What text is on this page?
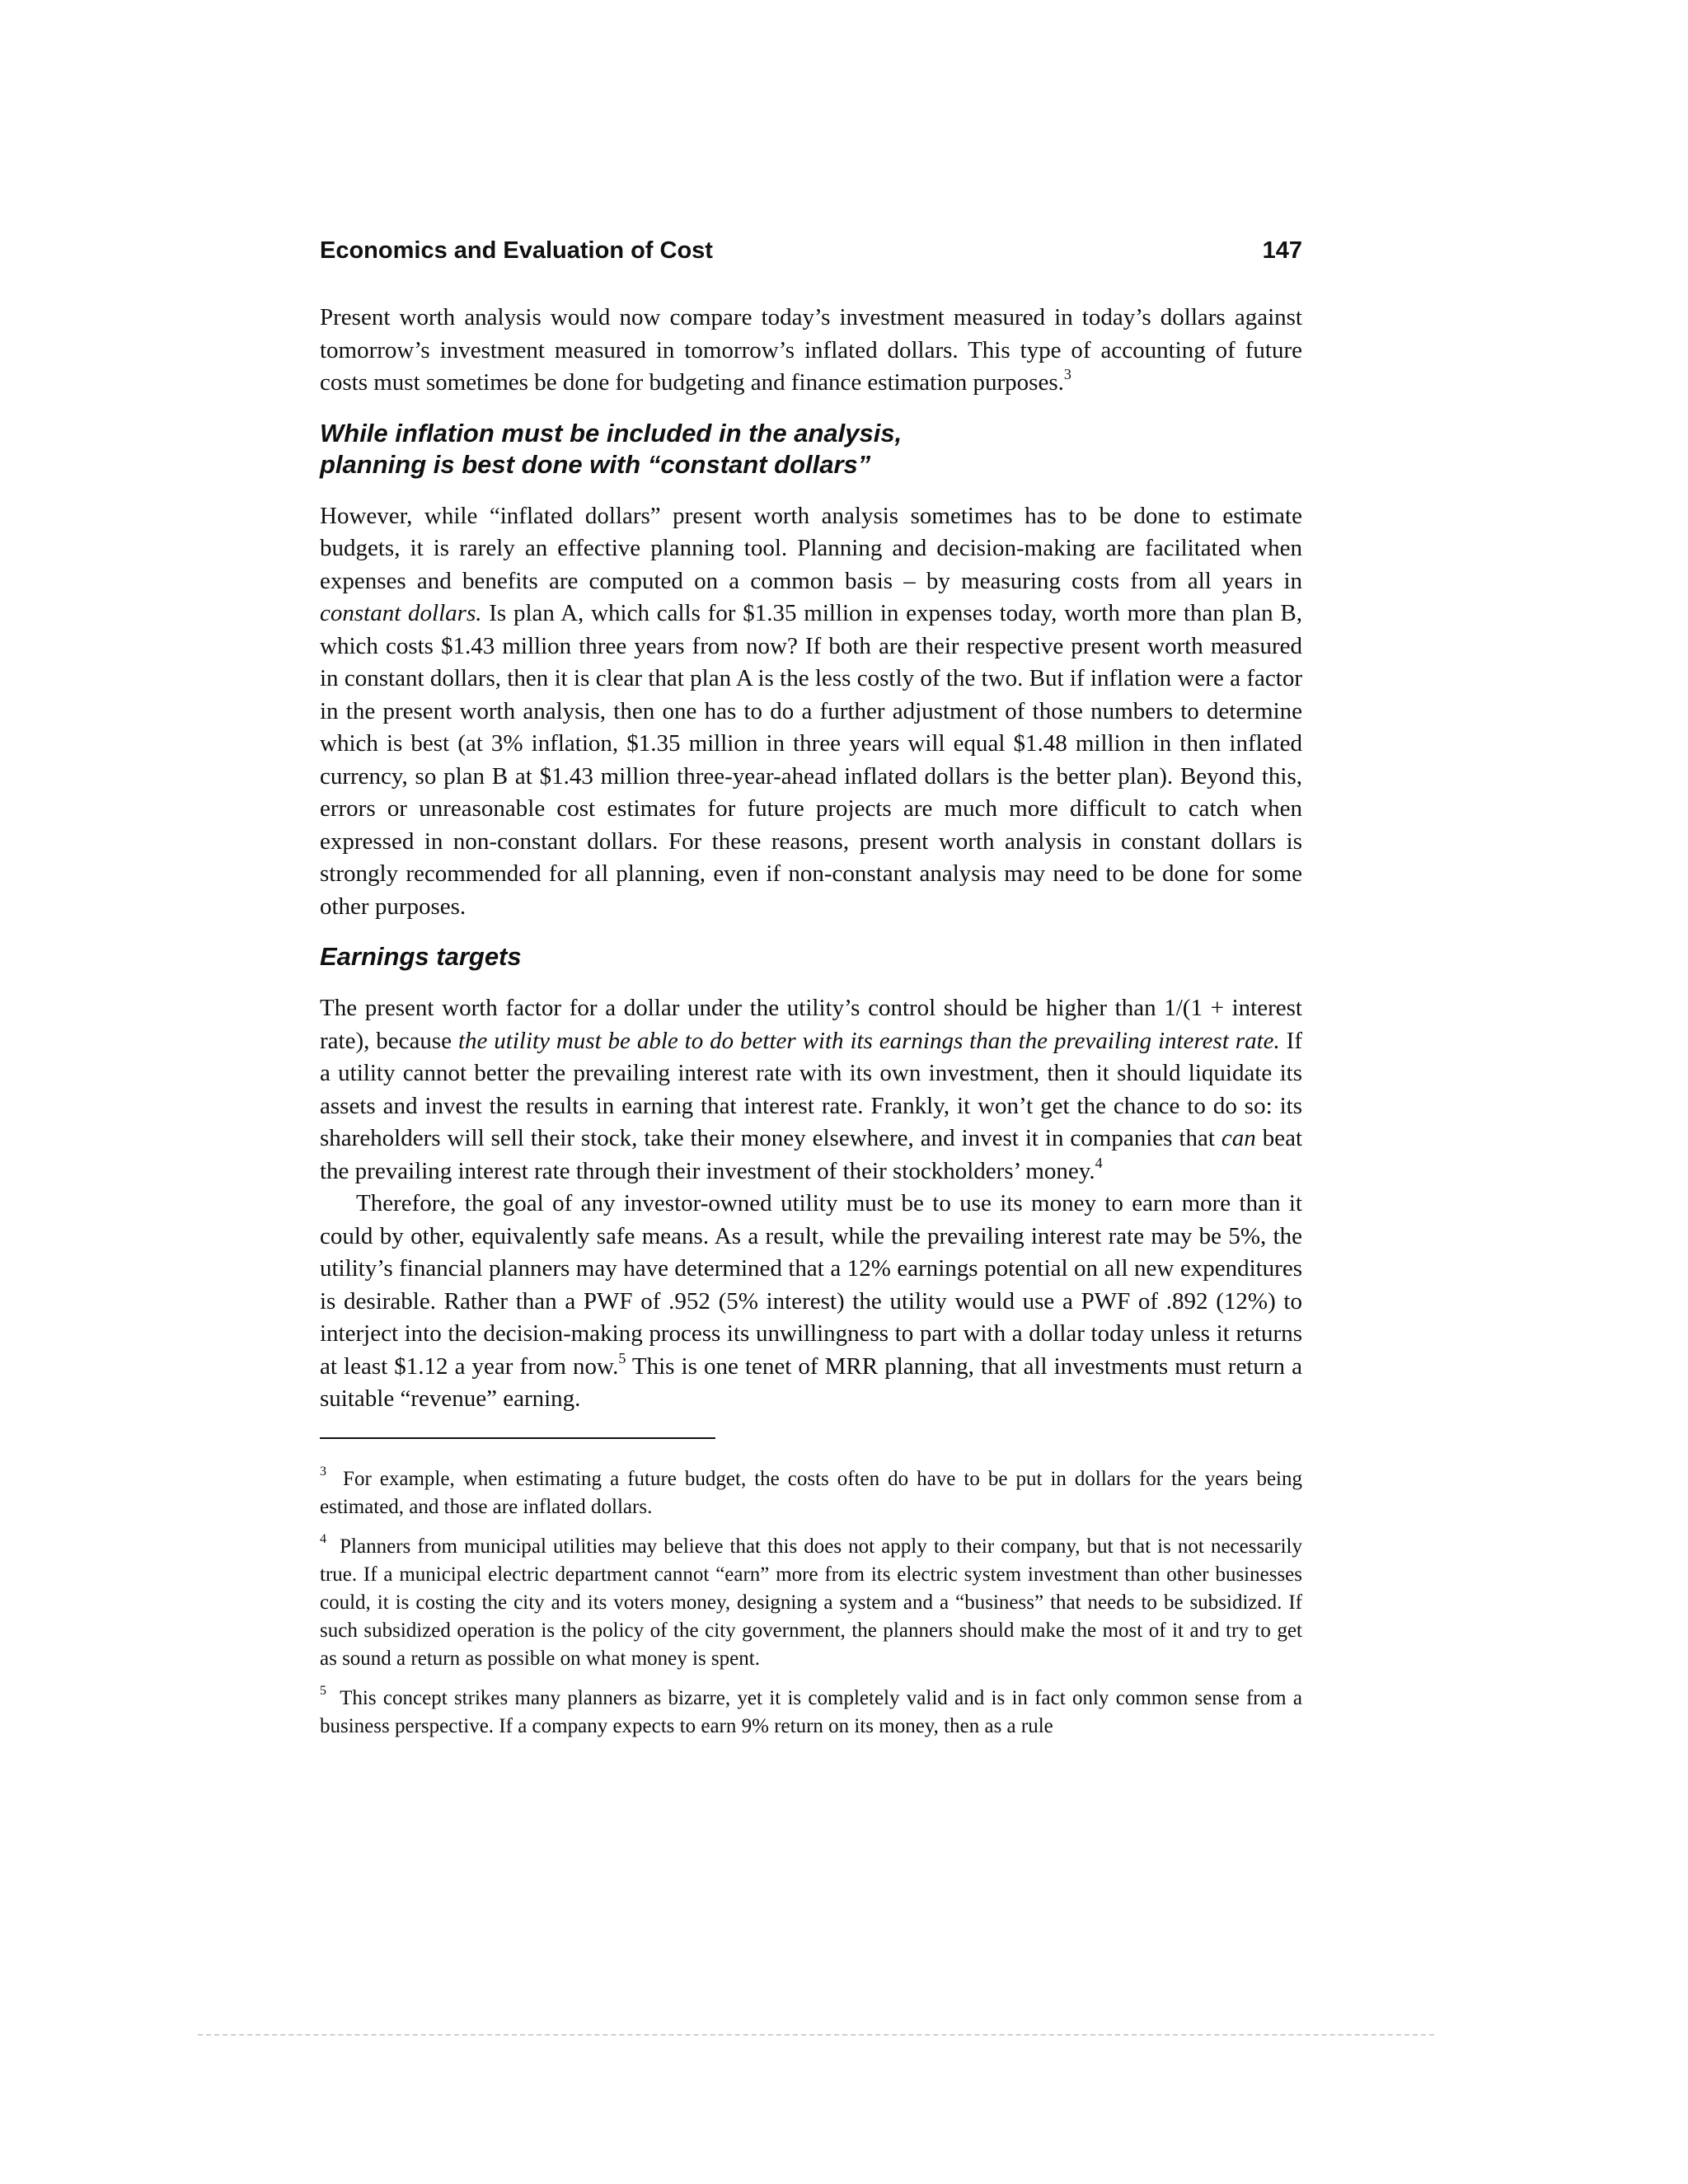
Economics and Evaluation of Cost	147

Present worth analysis would now compare today’s investment measured in today’s dollars against tomorrow’s investment measured in tomorrow’s inflated dollars. This type of accounting of future costs must sometimes be done for budgeting and finance estimation purposes.$^3$

While inflation must be included in the analysis,
planning is best done with “constant dollars”

However, while “inflated dollars” present worth analysis sometimes has to be done to estimate budgets, it is rarely an effective planning tool. Planning and decision-making are facilitated when expenses and benefits are computed on a common basis – by measuring costs from all years in constant dollars. Is plan A, which calls for $1.35 million in expenses today, worth more than plan B, which costs $1.43 million three years from now? If both are their respective present worth measured in constant dollars, then it is clear that plan A is the less costly of the two. But if inflation were a factor in the present worth analysis, then one has to do a further adjustment of those numbers to determine which is best (at 3% inflation, $1.35 million in three years will equal $1.48 million in then inflated currency, so plan B at $1.43 million three-year-ahead inflated dollars is the better plan). Beyond this, errors or unreasonable cost estimates for future projects are much more difficult to catch when expressed in non-constant dollars. For these reasons, present worth analysis in constant dollars is strongly recommended for all planning, even if non-constant analysis may need to be done for some other purposes.

Earnings targets

The present worth factor for a dollar under the utility’s control should be higher than 1/(1 + interest rate), because the utility must be able to do better with its earnings than the prevailing interest rate. If a utility cannot better the prevailing interest rate with its own investment, then it should liquidate its assets and invest the results in earning that interest rate. Frankly, it won’t get the chance to do so: its shareholders will sell their stock, take their money elsewhere, and invest it in companies that can beat the prevailing interest rate through their investment of their stockholders’ money.$^4$

Therefore, the goal of any investor-owned utility must be to use its money to earn more than it could by other, equivalently safe means. As a result, while the prevailing interest rate may be 5%, the utility’s financial planners may have determined that a 12% earnings potential on all new expenditures is desirable. Rather than a PWF of .952 (5% interest) the utility would use a PWF of .892 (12%) to interject into the decision-making process its unwillingness to part with a dollar today unless it returns at least $1.12 a year from now.$^5$ This is one tenet of MRR planning, that all investments must return a suitable “revenue” earning.

$^3$ For example, when estimating a future budget, the costs often do have to be put in dollars for the years being estimated, and those are inflated dollars.

$^4$ Planners from municipal utilities may believe that this does not apply to their company, but that is not necessarily true. If a municipal electric department cannot “earn” more from its electric system investment than other businesses could, it is costing the city and its voters money, designing a system and a “business” that needs to be subsidized. If such subsidized operation is the policy of the city government, the planners should make the most of it and try to get as sound a return as possible on what money is spent.

$^5$ This concept strikes many planners as bizarre, yet it is completely valid and is in fact only common sense from a business perspective. If a company expects to earn 9% return on its money, then as a rule
